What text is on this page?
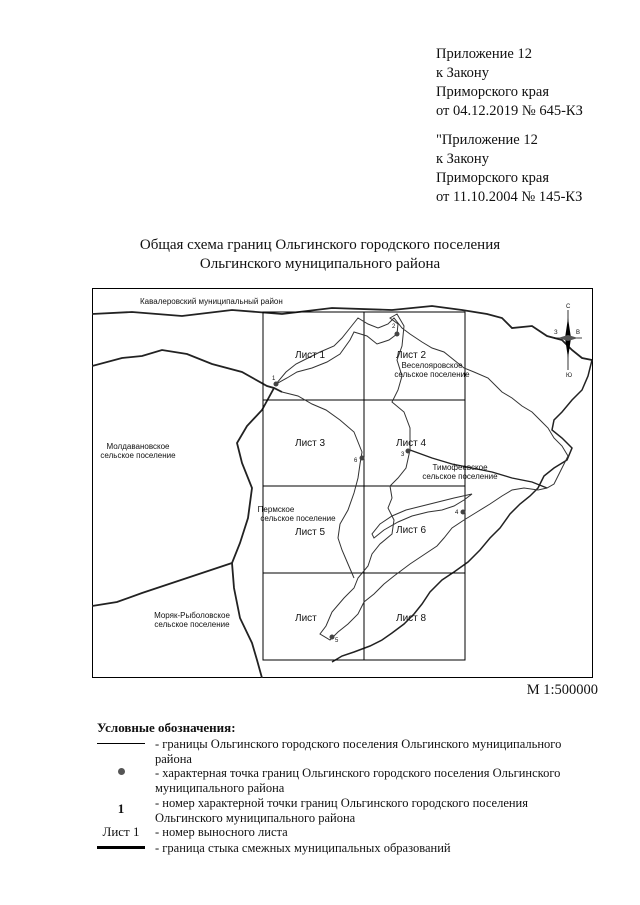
Приложение 12
к Закону
Приморского края
от 04.12.2019 № 645-КЗ
"Приложение 12
к Закону
Приморского края
от 11.10.2004 № 145-КЗ
Общая схема границ Ольгинского городского поселения
Ольгинского муниципального района
1
2
3
4
5
6
Лист 1	Лист 2
Лист 3	Лист 4
Лист 5	Лист 6
Лист	Лист 8
Кавалеровский муниципальный район
Веселояровское
сельское поселение
Молдавановское
сельское поселение
Тимофеевское
сельское поселение
Пермское
сельское поселение
Моряк-Рыболовское
сельское поселение
С
Ю
З	В
М 1:500000
Условные обозначения:
- границы Ольгинского городского поселения Ольгинского муниципального района
- характерная точка границ Ольгинского городского поселения Ольгинского муниципального района
1	- номер характерной точки границ Ольгинского городского поселения Ольгинского муниципального района
Лист 1	- номер выносного листа
- граница стыка смежных муниципальных образований
